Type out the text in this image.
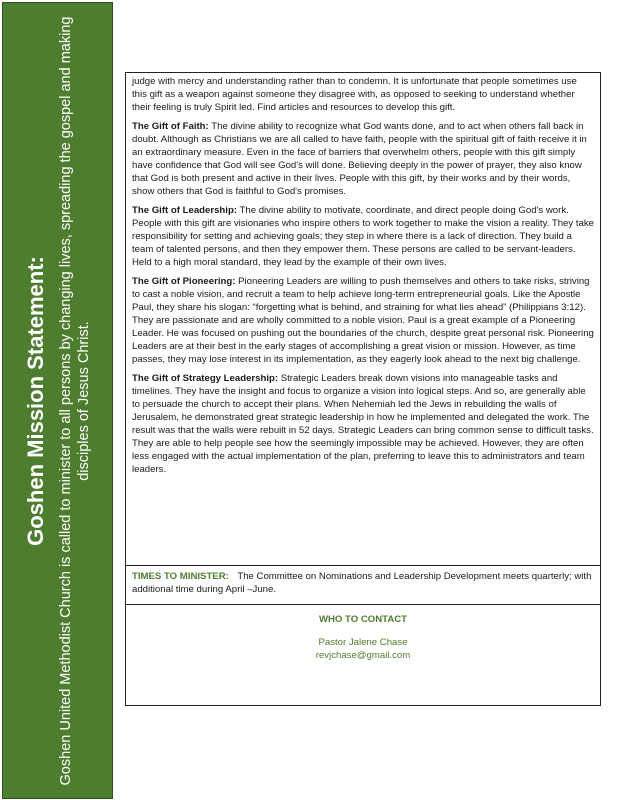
Goshen Mission Statement: Goshen United Methodist Church is called to minister to all persons by changing lives, spreading the gospel and making disciples of Jesus Christ.

judge with mercy and understanding rather than to condemn. It is unfortunate that people sometimes use this gift as a weapon against someone they disagree with, as opposed to seeking to understand whether their feeling is truly Spirit led. Find articles and resources to develop this gift.

The Gift of Faith: The divine ability to recognize what God wants done, and to act when others fall back in doubt. Although as Christians we are all called to have faith, people with the spiritual gift of faith receive it in an extraordinary measure. Even in the face of barriers that overwhelm others, people with this gift simply have confidence that God will see God's will done. Believing deeply in the power of prayer, they also know that God is both present and active in their lives. People with this gift, by their works and by their words, show others that God is faithful to God's promises.

The Gift of Leadership: The divine ability to motivate, coordinate, and direct people doing God's work. People with this gift are visionaries who inspire others to work together to make the vision a reality. They take responsibility for setting and achieving goals; they step in where there is a lack of direction. They build a team of talented persons, and then they empower them. These persons are called to be servant-leaders. Held to a high moral standard, they lead by the example of their own lives.

The Gift of Pioneering: Pioneering Leaders are willing to push themselves and others to take risks, striving to cast a noble vision, and recruit a team to help achieve long-term entrepreneurial goals. Like the Apostle Paul, they share his slogan: “forgetting what is behind, and straining for what lies ahead” (Philippians 3:12). They are passionate and are wholly committed to a noble vision. Paul is a great example of a Pioneering Leader. He was focused on pushing out the boundaries of the church, despite great personal risk. Pioneering Leaders are at their best in the early stages of accomplishing a great vision or mission. However, as time passes, they may lose interest in its implementation, as they eagerly look ahead to the next big challenge.

The Gift of Strategy Leadership: Strategic Leaders break down visions into manageable tasks and timelines. They have the insight and focus to organize a vision into logical steps. And so, are generally able to persuade the church to accept their plans. When Nehemiah led the Jews in rebuilding the walls of Jerusalem, he demonstrated great strategic leadership in how he implemented and delegated the work. The result was that the walls were rebuilt in 52 days. Strategic Leaders can bring common sense to difficult tasks. They are able to help people see how the seemingly impossible may be achieved. However, they are often less engaged with the actual implementation of the plan, preferring to leave this to administrators and team leaders.

TIMES TO MINISTER: The Committee on Nominations and Leadership Development meets quarterly; with additional time during April –June.
WHO TO CONTACT
Pastor Jalene Chase
revjchase@gmail.com
